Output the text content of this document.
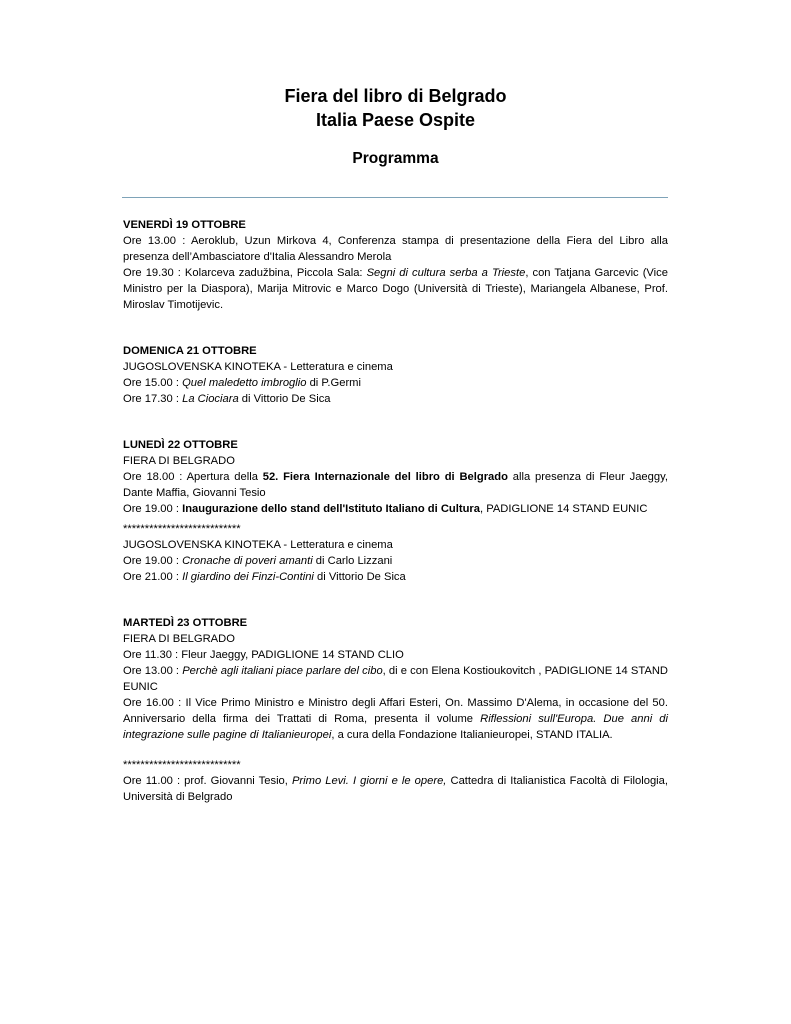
Fiera del libro di Belgrado
Italia Paese Ospite
Programma

VENERDÌ 19 OTTOBRE

Ore 13.00 : Aeroklub, Uzun Mirkova 4, Conferenza stampa di presentazione della Fiera del Libro alla presenza dell’Ambasciatore d'Italia Alessandro Merola

Ore 19.30 : Kolarceva zadužbina, Piccola Sala: Segni di cultura serba a Trieste, con Tatjana Garcevic (Vice Ministro per la Diaspora), Marija Mitrovic e Marco Dogo (Università di Trieste), Mariangela Albanese, Prof. Miroslav Timotijevic.

DOMENICA 21 OTTOBRE

JUGOSLOVENSKA KINOTEKA - Letteratura e cinema

Ore 15.00 : Quel maledetto imbroglio di P.Germi

Ore 17.30 : La Ciociara di Vittorio De Sica

LUNEDÌ 22 OTTOBRE

FIERA DI BELGRADO

Ore 18.00 : Apertura della 52. Fiera Internazionale del libro di Belgrado alla presenza di Fleur Jaeggy, Dante Maffia, Giovanni Tesio

Ore 19.00 : Inaugurazione dello stand dell'Istituto Italiano di Cultura, PADIGLIONE 14 STAND EUNIC

***************************

JUGOSLOVENSKA KINOTEKA - Letteratura e cinema

Ore 19.00 : Cronache di poveri amanti di Carlo Lizzani

Ore 21.00 : Il giardino dei Finzi-Contini di Vittorio De Sica

MARTEDÌ 23 OTTOBRE

FIERA DI BELGRADO

Ore 11.30 : Fleur Jaeggy, PADIGLIONE 14 STAND CLIO

Ore 13.00 : Perchè agli italiani piace parlare del cibo, di e con Elena Kostioukovitch , PADIGLIONE 14 STAND EUNIC

Ore 16.00 : Il Vice Primo Ministro e Ministro degli Affari Esteri, On. Massimo D'Alema, in occasione del 50. Anniversario della firma dei Trattati di Roma, presenta il volume Riflessioni sull'Europa. Due anni di integrazione sulle pagine di Italianieuropei, a cura della Fondazione Italianieuropei, STAND ITALIA.

***************************

Ore 11.00 : prof. Giovanni Tesio, Primo Levi. I giorni e le opere, Cattedra di Italianistica Facoltà di Filologia, Università di Belgrado
